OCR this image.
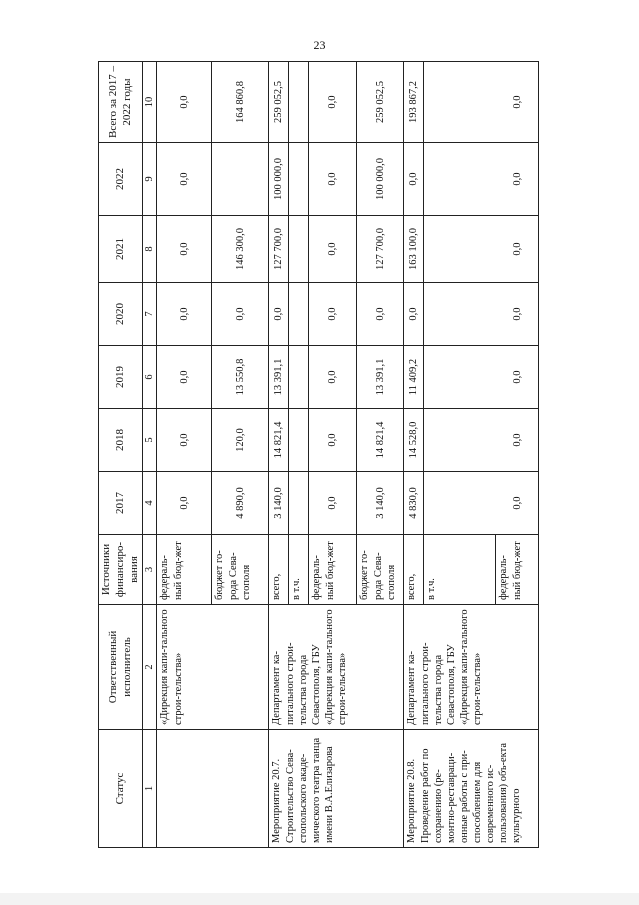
23
Статус	Ответственный исполнитель	Источники финансиро-вания	2017	2018	2019	2020	2021	2022	Всего за 2017 – 2022 годы
1	2	3	4	5	6	7	8	9	10
	«Дирекция капи-тального строи-тельства»	федераль-ный бюд-жет	0,0	0,0	0,0	0,0	0,0	0,0	0,0
		бюджет го-рода Сева-стополя	4 890,0	120,0	13 550,8	0,0	146 300,0		164 860,8
Мероприятие 20.7. Строительство Сева-стопольского акаде-мического театра танца имени В.А.Елизарова	Департамент ка-питального строи-тельства города Севастополя, ГБУ «Дирекция капи-тального строи-тельства»	всего,	3 140,0	14 821,4	13 391,1	0,0	127 700,0	100 000,0	259 052,5
		в т.ч.							
		федераль-ный бюд-жет	0,0	0,0	0,0	0,0	0,0	0,0	0,0
		бюджет го-рода Сева-стополя	3 140,0	14 821,4	13 391,1	0,0	127 700,0	100 000,0	259 052,5
Мероприятие 20.8. Проведение работ по сохранению (ре-монтно-реставраци-онные работы с при-способлением для современного ис-пользования) объ-екта культурного	Департамент ка-питального строи-тельства города Севастополя, ГБУ «Дирекция капи-тального строи-тельства»	всего,	4 830,0	14 528,0	11 409,2	0,0	163 100,0	0,0	193 867,2
		в т.ч.							
		федераль-ный бюд-жет	0,0	0,0	0,0	0,0	0,0	0,0	0,0
